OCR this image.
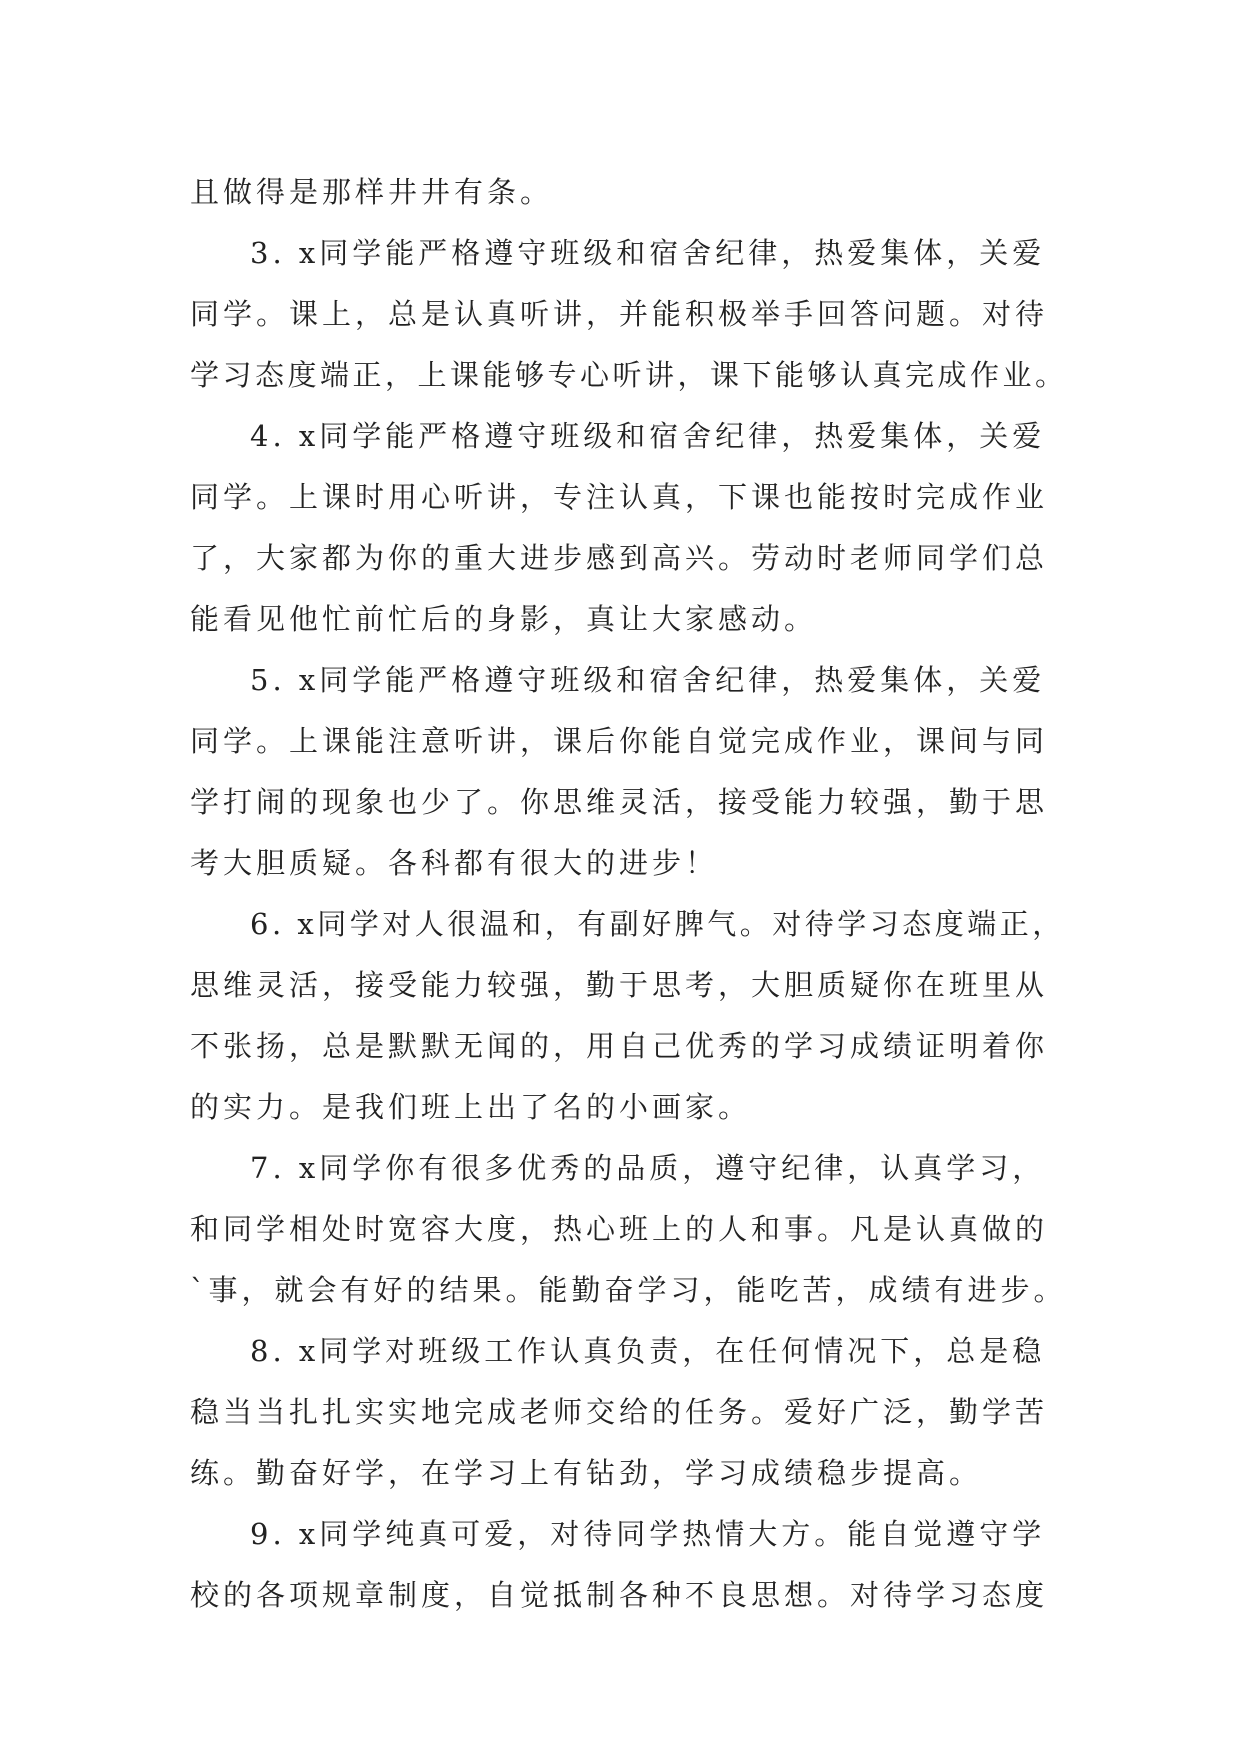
且做得是那样井井有条。
3. x同学能严格遵守班级和宿舍纪律，热爱集体，关爱
同学。课上，总是认真听讲，并能积极举手回答问题。对待
学习态度端正，上课能够专心听讲，课下能够认真完成作业。
4. x同学能严格遵守班级和宿舍纪律，热爱集体，关爱
同学。上课时用心听讲，专注认真，下课也能按时完成作业
了，大家都为你的重大进步感到高兴。劳动时老师同学们总
能看见他忙前忙后的身影，真让大家感动。
5. x同学能严格遵守班级和宿舍纪律，热爱集体，关爱
同学。上课能注意听讲，课后你能自觉完成作业，课间与同
学打闹的现象也少了。你思维灵活，接受能力较强，勤于思
考大胆质疑。各科都有很大的进步！
6. x同学对人很温和，有副好脾气。对待学习态度端正，
思维灵活，接受能力较强，勤于思考，大胆质疑你在班里从
不张扬，总是默默无闻的，用自己优秀的学习成绩证明着你
的实力。是我们班上出了名的小画家。
7. x同学你有很多优秀的品质，遵守纪律，认真学习，
和同学相处时宽容大度，热心班上的人和事。凡是认真做的
`事，就会有好的结果。能勤奋学习，能吃苦，成绩有进步。
8. x同学对班级工作认真负责，在任何情况下，总是稳
稳当当扎扎实实地完成老师交给的任务。爱好广泛，勤学苦
练。勤奋好学，在学习上有钻劲，学习成绩稳步提高。
9. x同学纯真可爱，对待同学热情大方。能自觉遵守学
校的各项规章制度，自觉抵制各种不良思想。对待学习态度
